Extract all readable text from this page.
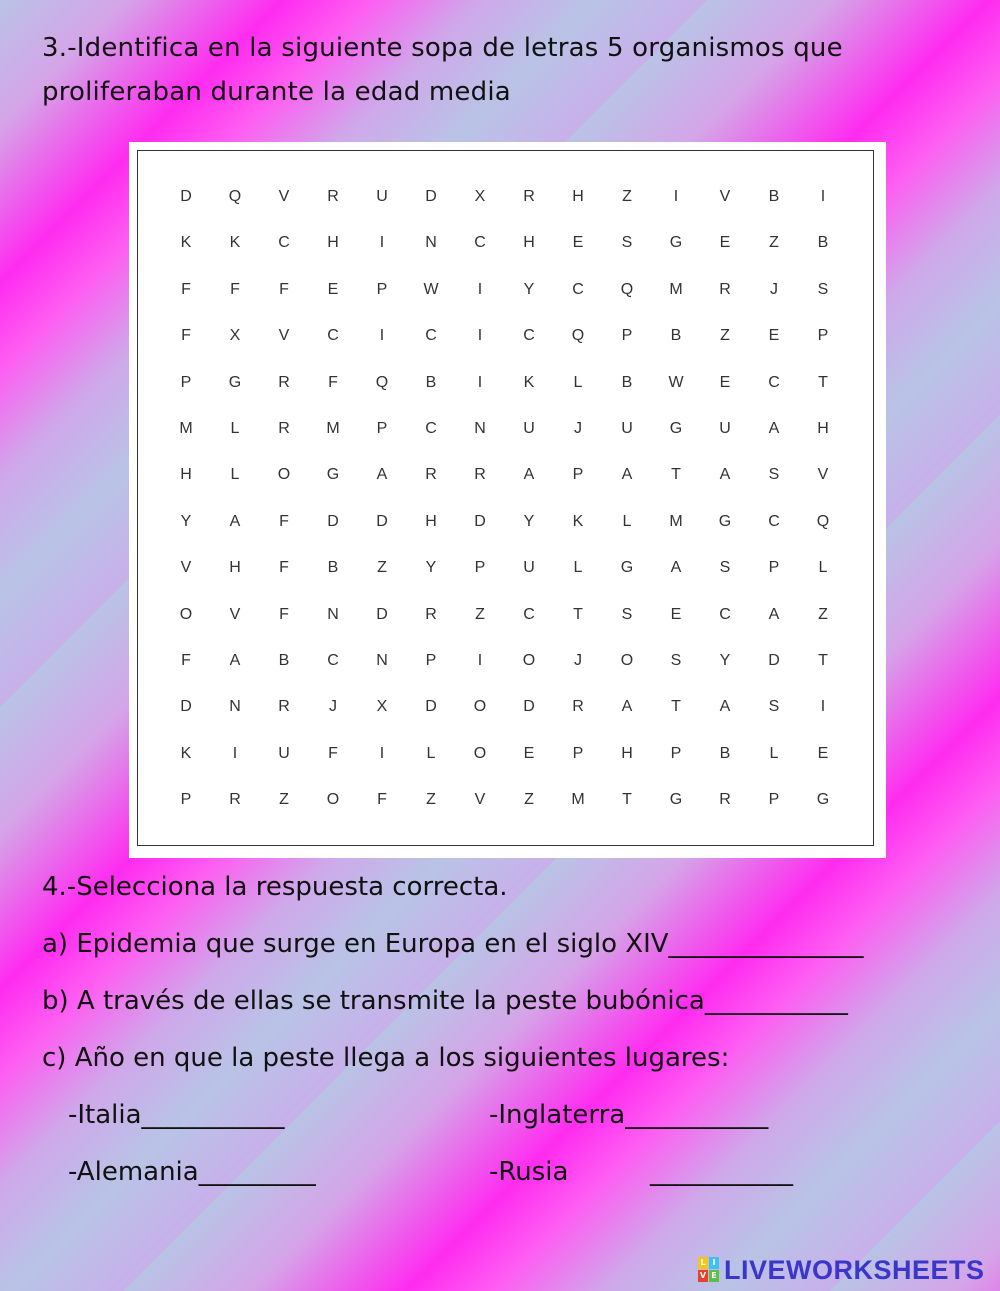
3.-Identifica en la siguiente sopa de letras 5 organismos que
proliferaban durante la edad media
D	Q	V	R	U	D	X	R	H	Z	I	V	B	I
K	K	C	H	I	N	C	H	E	S	G	E	Z	B
F	F	F	E	P	W	I	Y	C	Q	M	R	J	S
F	X	V	C	I	C	I	C	Q	P	B	Z	E	P
P	G	R	F	Q	B	I	K	L	B	W	E	C	T
M	L	R	M	P	C	N	U	J	U	G	U	A	H
H	L	O	G	A	R	R	A	P	A	T	A	S	V
Y	A	F	D	D	H	D	Y	K	L	M	G	C	Q
V	H	F	B	Z	Y	P	U	L	G	A	S	P	L
O	V	F	N	D	R	Z	C	T	S	E	C	A	Z
F	A	B	C	N	P	I	O	J	O	S	Y	D	T
D	N	R	J	X	D	O	D	R	A	T	A	S	I
K	I	U	F	I	L	O	E	P	H	P	B	L	E
P	R	Z	O	F	Z	V	Z	M	T	G	R	P	G
4.-Selecciona la respuesta correcta.
a) Epidemia que surge en Europa en el siglo XIV_______________
b) A través de ellas se transmite la peste bubónica___________
c) Año en que la peste llega a los siguientes lugares:
-Italia___________	-Inglaterra___________
-Alemania_________	-Rusia	___________
L I
V E LIVEWORKSHEETS
